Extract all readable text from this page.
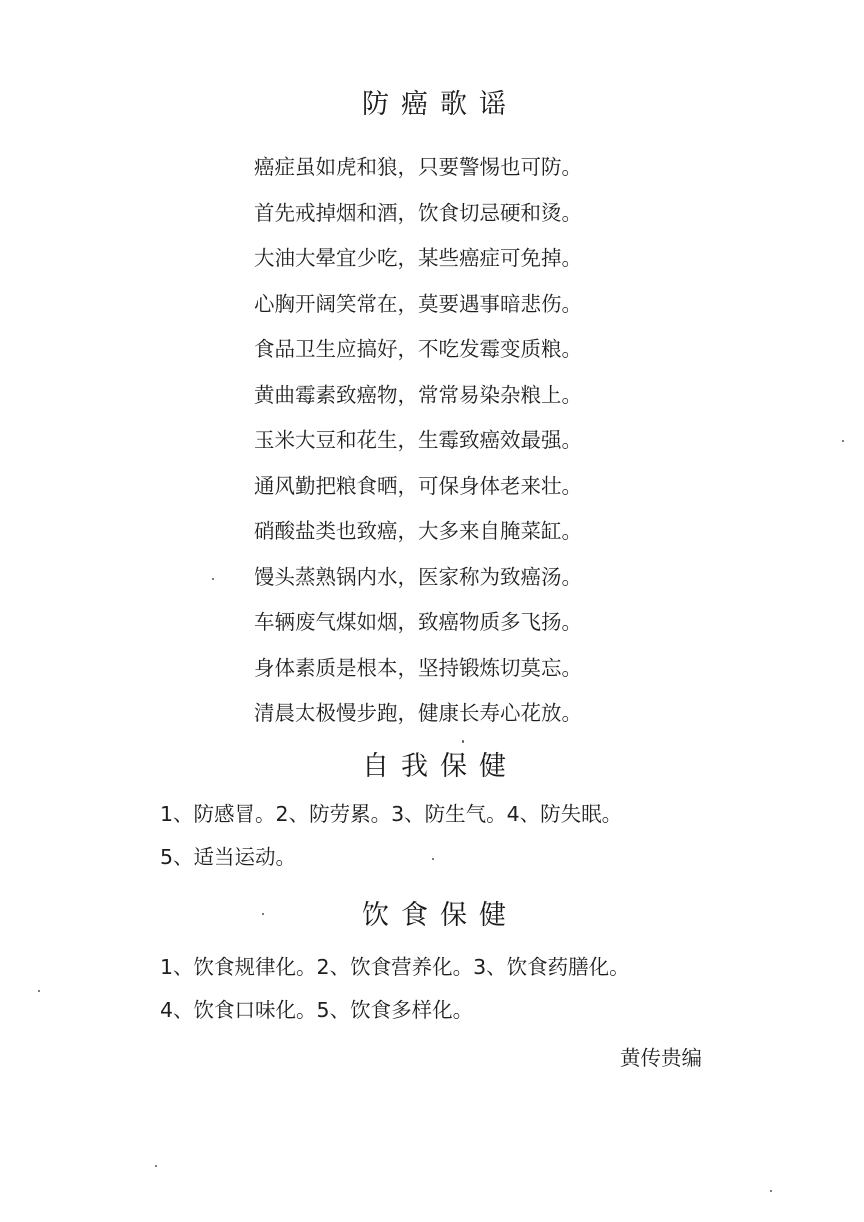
防癌歌谣
癌症虽如虎和狼，只要警惕也可防。
首先戒掉烟和酒，饮食切忌硬和烫。
大油大晕宜少吃，某些癌症可免掉。
心胸开阔笑常在，莫要遇事暗悲伤。
食品卫生应搞好，不吃发霉变质粮。
黄曲霉素致癌物，常常易染杂粮上。
玉米大豆和花生，生霉致癌效最强。
通风勤把粮食晒，可保身体老来壮。
硝酸盐类也致癌，大多来自腌菜缸。
馒头蒸熟锅内水，医家称为致癌汤。
车辆废气煤如烟，致癌物质多飞扬。
身体素质是根本，坚持锻炼切莫忘。
清晨太极慢步跑，健康长寿心花放。
自我保健
1、防感冒。2、防劳累。3、防生气。4、防失眠。
5、适当运动。
饮食保健
1、饮食规律化。2、饮食营养化。3、饮食药膳化。
4、饮食口味化。5、饮食多样化。
黄传贵编
